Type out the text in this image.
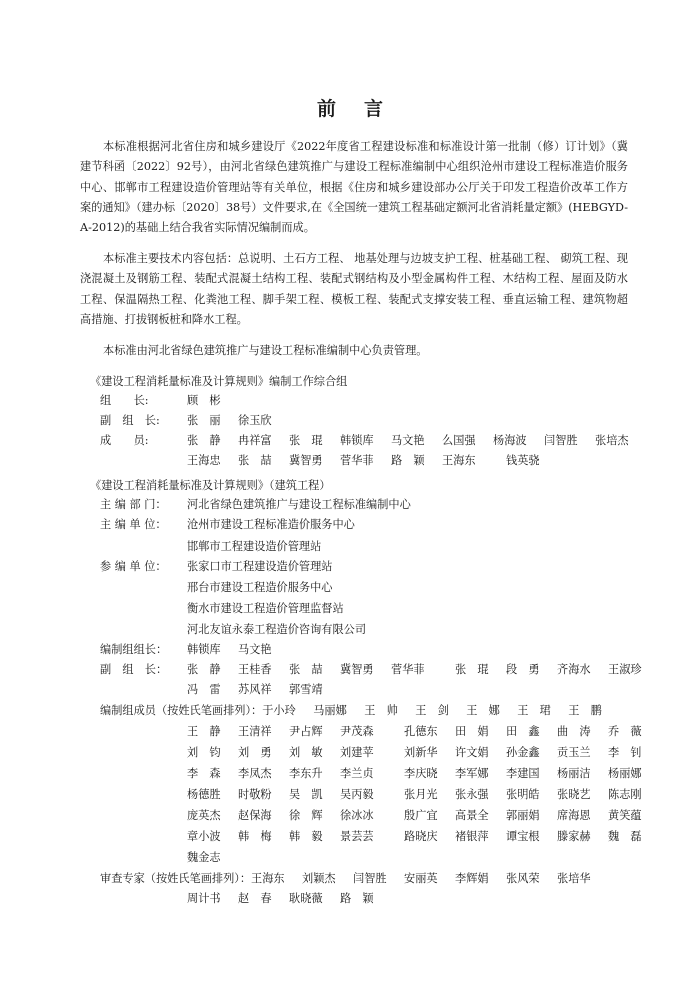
前 言

本标准根据河北省住房和城乡建设厅《2022年度省工程建设标准和标准设计第一批制（修）订计划》（冀建节科函〔2022〕92号），由河北省绿色建筑推广与建设工程标准编制中心组织沧州市建设工程标准造价服务中心、邯郸市工程建设造价管理站等有关单位，根据《住房和城乡建设部办公厅关于印发工程造价改革工作方案的通知》（建办标〔2020〕38号）文件要求,在《全国统一建筑工程基础定额河北省消耗量定额》(HEBGYD-A-2012)的基础上结合我省实际情况编制而成。

本标准主要技术内容包括：总说明、土石方工程、 地基处理与边坡支护工程、桩基础工程、 砌筑工程、现浇混凝土及钢筋工程、装配式混凝土结构工程、装配式钢结构及小型金属构件工程、木结构工程、屋面及防水工程、保温隔热工程、化粪池工程、脚手架工程、模板工程、装配式支撑安装工程、垂直运输工程、建筑物超高措施、打拔钢板桩和降水工程。

本标准由河北省绿色建筑推广与建设工程标准编制中心负责管理。

《建设工程消耗量标准及计算规则》编制工作综合组
组　　长:	顾　彬
副　组　长: 张　丽 徐玉欣
成　　员:	张　静 冉祥富 张　琨 韩锁库 马文艳 么国强 杨海波 闫智胜 张培杰
王海忠 张　喆 冀智勇 菅华菲 路　颖 王海东	钱英骁
《建设工程消耗量标准及计算规则》（建筑工程）
主 编 部 门： 河北省绿色建筑推广与建设工程标准编制中心
主 编 单 位： 沧州市建设工程标准造价服务中心
邯郸市工程建设造价管理站
参 编 单 位： 张家口市工程建设造价管理站
邢台市建设工程造价服务中心
衡水市建设工程造价管理监督站
河北友谊永泰工程造价咨询有限公司
编制组组长： 韩锁库 马文艳
副　组　长： 张　静 王桂香 张　喆 冀智勇 菅华菲	张　琨 段　勇 齐海水 王淑珍
冯　雷 苏风祥 郭雪靖
编制组成员（按姓氏笔画排列）：于小玲 马丽娜 王　帅 王　剑 王　娜 王　珺 王　鹏
王　静 王清祥 尹占辉 尹茂森	孔德东 田　娟 田　鑫 曲　涛 乔　薇
刘　钧 刘　勇 刘　敏 刘建苹	刘新华 许文娟 孙金鑫 贡玉兰 李　钊
李　森 李凤杰 李东升 李兰贞	李庆晓 李军娜 李建国 杨丽洁 杨丽娜
杨德胜 时敬粉 吴　凯 吴丙毅	张月光 张永强 张明皓 张晓艺 陈志刚
庞英杰 赵保海 徐　辉 徐冰冰	殷广宜 高景全 郭丽娟 席海恩 黄笑蕴
章小波 韩　梅 韩　毅 景芸芸	路晓庆 褚银萍 谭宝根 滕家赫 魏　磊
魏金志
审查专家（按姓氏笔画排列）：王海东 刘颖杰 闫智胜 安丽英 李辉娟 张风荣 张培华
周计书 赵　春 耿晓薇 路　颖
